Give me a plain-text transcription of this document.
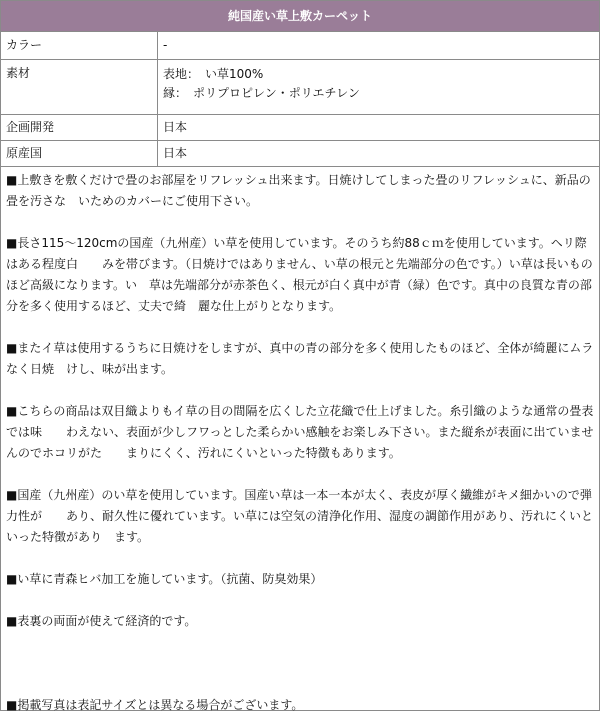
純国産い草上敷カーペット
カラー	-
素材	表地：　い草100%
縁：　ポリプロピレン・ポリエチレン

企画開発	日本
原産国	日本

■上敷きを敷くだけで畳のお部屋をリフレッシュ出来ます。日焼けしてしまった畳のリフレッシュに、新品の畳を汚さな　いためのカバーにご使用下さい。

■長さ115〜120cmの国産（九州産）い草を使用しています。そのうち約88ｃｍを使用しています。ヘリ際はある程度白　　みを帯びます。（日焼けではありません、い草の根元と先端部分の色です。）い草は長いものほど高級になります。い　草は先端部分が赤茶色く、根元が白く真中が青（緑）色です。真中の良質な青の部分を多く使用するほど、丈夫で綺　麗な仕上がりとなります。

■またイ草は使用するうちに日焼けをしますが、真中の青の部分を多く使用したものほど、全体が綺麗にムラなく日焼　けし、味が出ます。

■こちらの商品は双目織よりもイ草の目の間隔を広くした立花織で仕上げました。糸引織のような通常の畳表では味　　わえない、表面が少しフワっとした柔らかい感触をお楽しみ下さい。また縦糸が表面に出ていませんのでホコリがた　　まりにくく、汚れにくいといった特徴もあります。

■国産（九州産）のい草を使用しています。国産い草は一本一本が太く、表皮が厚く繊維がキメ細かいので弾力性が　　あり、耐久性に優れています。い草には空気の清浄化作用、湿度の調節作用があり、汚れにくいといった特徴があり　ます。

■い草に青森ヒバ加工を施しています。（抗菌、防臭効果）

■表裏の両面が使えて経済的です。

■掲載写真は表記サイズとは異なる場合がございます。
